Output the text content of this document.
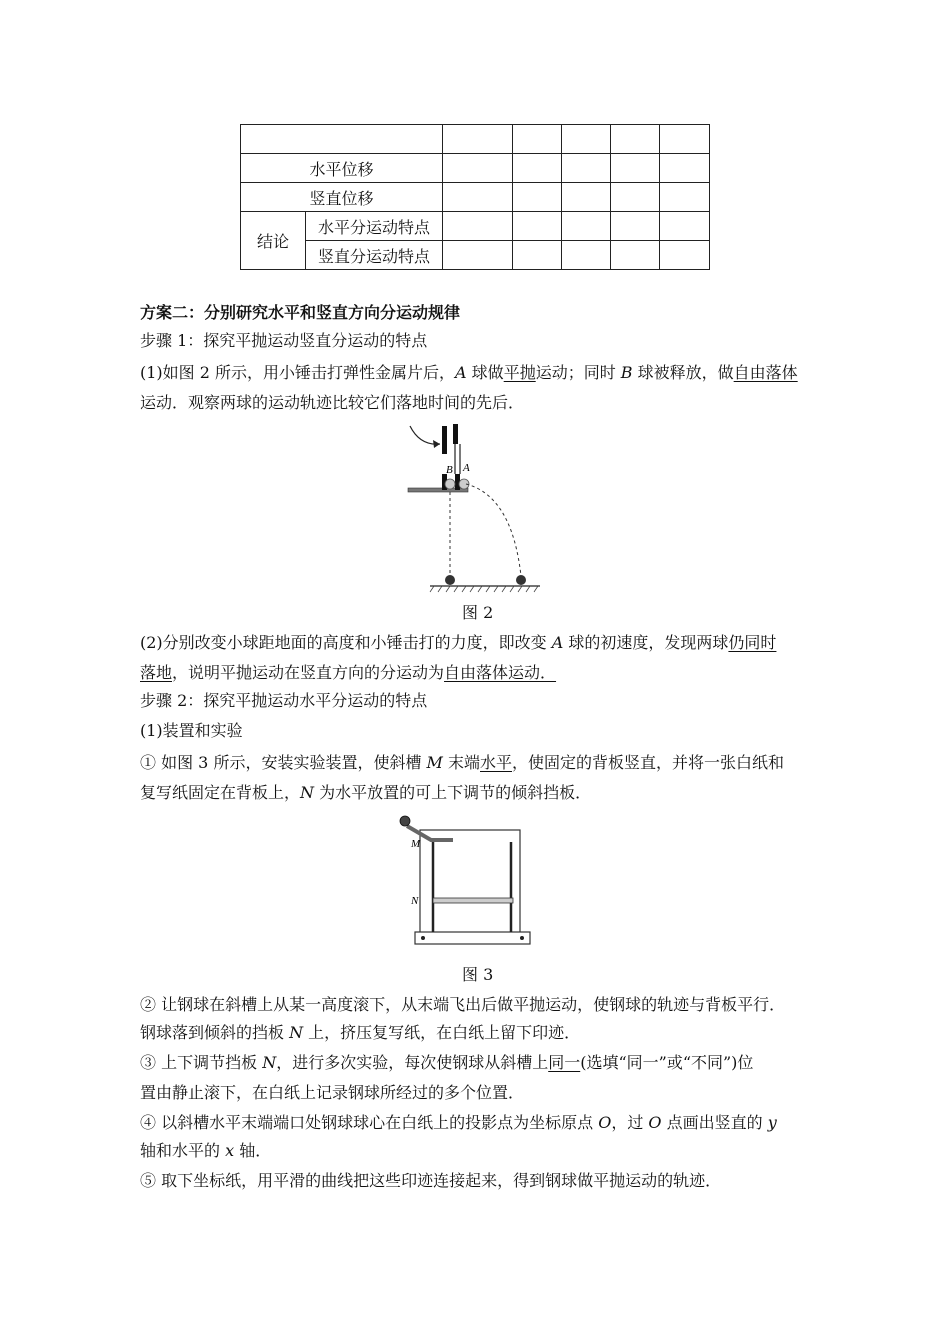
水平位移						
竖直位移						
结论	水平分运动特点					
	竖直分运动特点					
方案二：分别研究水平和竖直方向分运动规律
步骤 1：探究平抛运动竖直分运动的特点
(1)如图 2 所示，用小锤击打弹性金属片后，A 球做平抛运动；同时 B 球被释放，做自由落体
运动．观察两球的运动轨迹比较它们落地时间的先后．
B A
图 2
(2)分别改变小球距地面的高度和小锤击打的力度，即改变 A 球的初速度，发现两球仍同时
落地，说明平抛运动在竖直方向的分运动为自由落体运动．
步骤 2：探究平抛运动水平分运动的特点
(1)装置和实验
① 如图 3 所示，安装实验装置，使斜槽 M 末端水平，使固定的背板竖直，并将一张白纸和
复写纸固定在背板上，N 为水平放置的可上下调节的倾斜挡板．
M
N
图 3
② 让钢球在斜槽上从某一高度滚下，从末端飞出后做平抛运动，使钢球的轨迹与背板平行．
钢球落到倾斜的挡板 N 上，挤压复写纸，在白纸上留下印迹．
③ 上下调节挡板 N，进行多次实验，每次使钢球从斜槽上同一(选填“同一”或“不同”)位
置由静止滚下，在白纸上记录钢球所经过的多个位置．
④ 以斜槽水平末端端口处钢球球心在白纸上的投影点为坐标原点 O，过 O 点画出竖直的 y
轴和水平的 x 轴．
⑤ 取下坐标纸，用平滑的曲线把这些印迹连接起来，得到钢球做平抛运动的轨迹．
